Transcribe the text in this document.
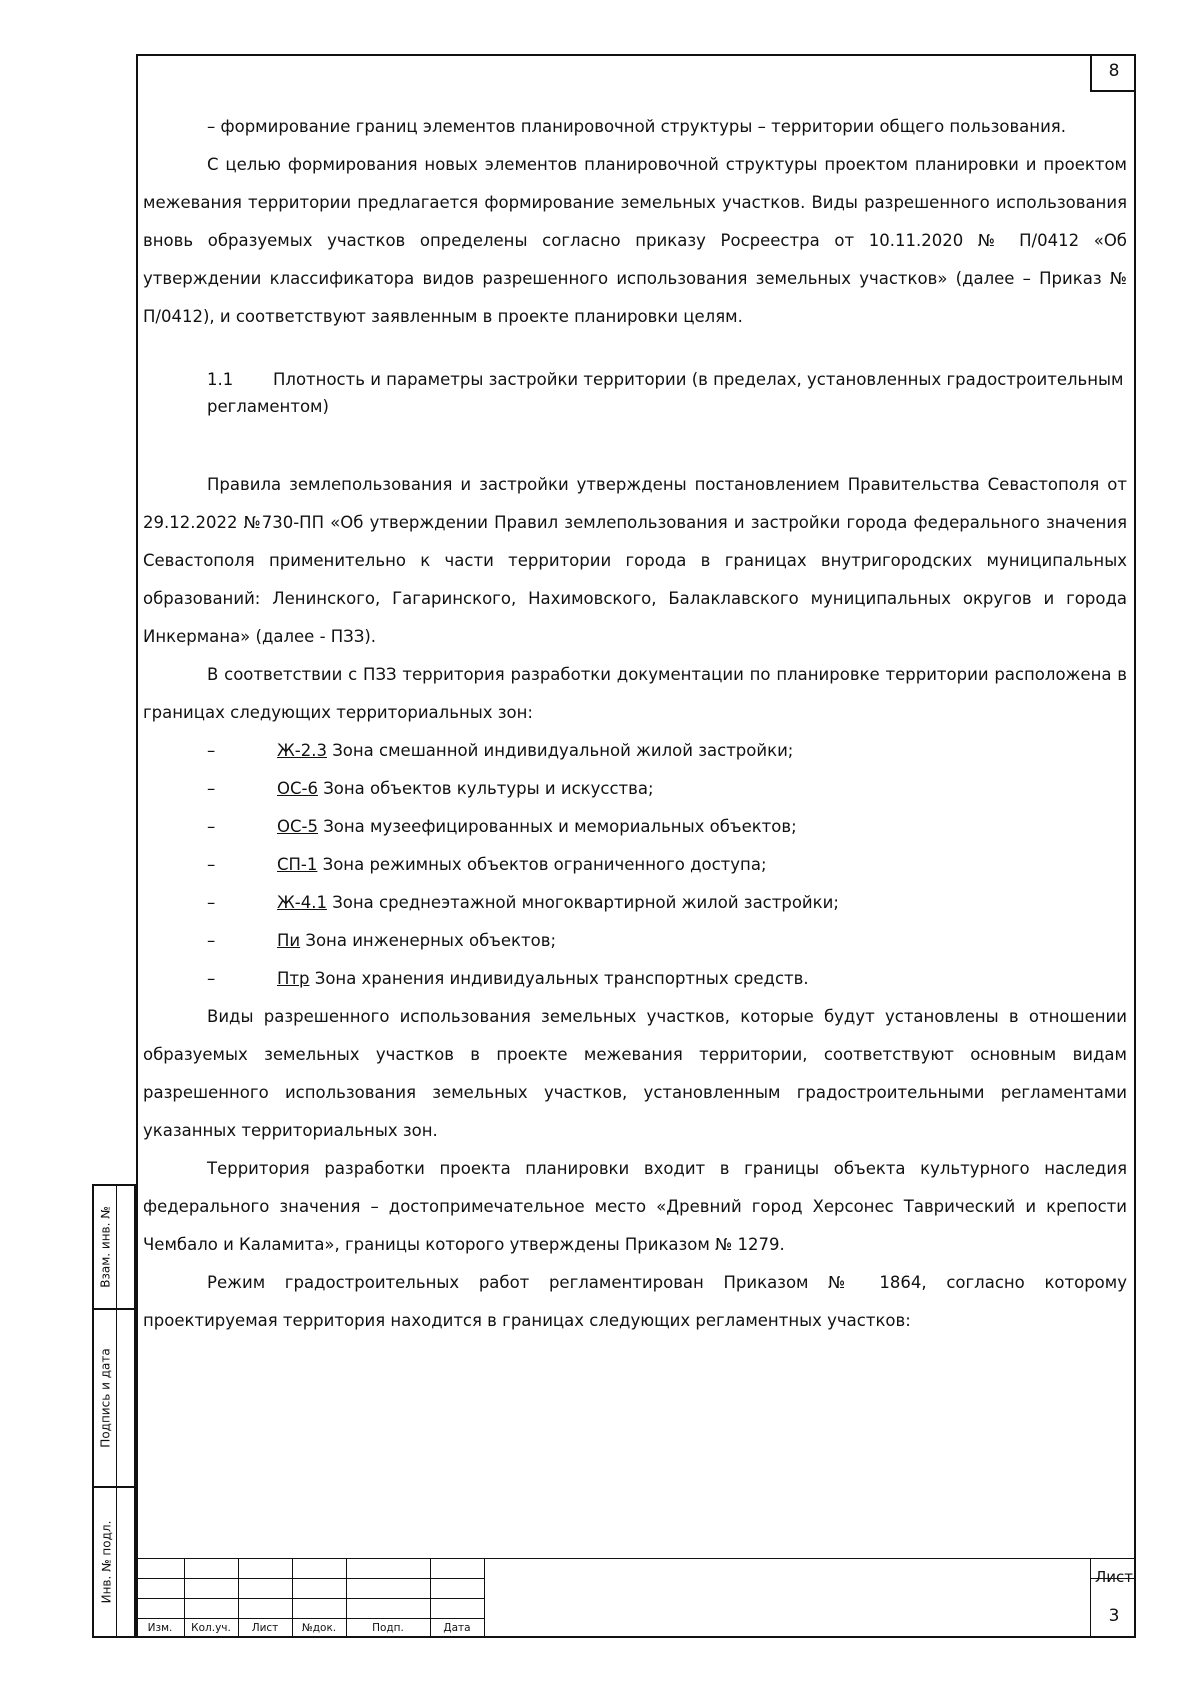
8

– формирование границ элементов планировочной структуры – территории общего пользования.

С целью формирования новых элементов планировочной структуры проектом планировки и проектом межевания территории предлагается формирование земельных участков. Виды разрешенного использования вновь образуемых участков определены согласно приказу Росреестра от 10.11.2020 № П/0412 «Об утверждении классификатора видов разрешенного использования земельных участков» (далее – Приказ № П/0412), и соответствуют заявленным в проекте планировки целям.

1.1 Плотность и параметры застройки территории (в пределах, установленных градостроительным регламентом)

Правила землепользования и застройки утверждены постановлением Правительства Севастополя от 29.12.2022 №730-ПП «Об утверждении Правил землепользования и застройки города федерального значения Севастополя применительно к части территории города в границах внутригородских муниципальных образований: Ленинского, Гагаринского, Нахимовского, Балаклавского муниципальных округов и города Инкермана» (далее - ПЗЗ).

В соответствии с ПЗЗ территория разработки документации по планировке территории расположена в границах следующих территориальных зон:

–	Ж-2.3 Зона смешанной индивидуальной жилой застройки;
–	ОС-6 Зона объектов культуры и искусства;
–	ОС-5 Зона музеефицированных и мемориальных объектов;
–	СП-1 Зона режимных объектов ограниченного доступа;
–	Ж-4.1 Зона среднеэтажной многоквартирной жилой застройки;
–	Пи Зона инженерных объектов;
–	Птр Зона хранения индивидуальных транспортных средств.

Виды разрешенного использования земельных участков, которые будут установлены в отношении образуемых земельных участков в проекте межевания территории, соответствуют основным видам разрешенного использования земельных участков, установленным градостроительными регламентами указанных территориальных зон.

Территория разработки проекта планировки входит в границы объекта культурного наследия федерального значения – достопримечательное место «Древний город Херсонес Таврический и крепости Чембало и Каламита», границы которого утверждены Приказом № 1279.

Режим градостроительных работ регламентирован Приказом № 1864, согласно которому проектируемая территория находится в границах следующих регламентных участков:

Взам. инв. №
Подпись и дата
Инв. № подл.
Изм.	Кол.уч.	Лист	№док.	Подп.	Дата
Лист
3
